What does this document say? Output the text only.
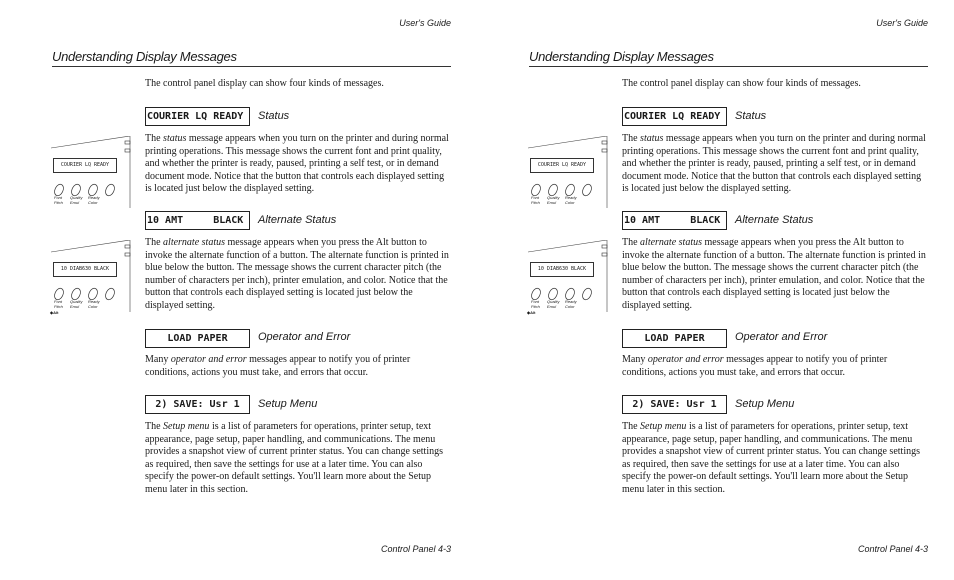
User's Guide
Understanding Display Messages
The control panel display can show four kinds of messages.
COURIER LQ READY	Status
COURIER LQ READY
Font
Pitch
Quality
Emul
Ready
Color
The status message appears when you turn on the printer and during normal printing operations. This message shows the current font and print quality, and whether the printer is ready, paused, printing a self test, or in demand document mode. Notice that the button that controls each displayed setting is located just below the displayed setting.
10 AMT     BLACK	Alternate Status
10 DIAB630 BLACK
Font
Pitch
Quality
Emul
Ready
Color
◆Alt
The alternate status message appears when you press the Alt button to invoke the alternate function of a button. The alternate function is printed in blue below the button. The message shows the current character pitch (the number of characters per inch), printer emulation, and color. Notice that the button that controls each displayed setting is located just below the displayed setting.
LOAD PAPER	Operator and Error
Many operator and error messages appear to notify you of printer conditions, actions you must take, and errors that occur.
2) SAVE: Usr 1	Setup Menu
The Setup menu is a list of parameters for operations, printer setup, text appearance, page setup, paper handling, and communications. The menu provides a snapshot view of current printer status. You can change settings as required, then save the settings for use at a later time. You can also specify the power-on default settings. You'll learn more about the Setup menu later in this section.
Control Panel 4-3
User's Guide
Understanding Display Messages
The control panel display can show four kinds of messages.
COURIER LQ READY	Status
COURIER LQ READY
Font
Pitch
Quality
Emul
Ready
Color
The status message appears when you turn on the printer and during normal printing operations. This message shows the current font and print quality, and whether the printer is ready, paused, printing a self test, or in demand document mode. Notice that the button that controls each displayed setting is located just below the displayed setting.
10 AMT     BLACK	Alternate Status
10 DIAB630 BLACK
Font
Pitch
Quality
Emul
Ready
Color
◆Alt
The alternate status message appears when you press the Alt button to invoke the alternate function of a button. The alternate function is printed in blue below the button. The message shows the current character pitch (the number of characters per inch), printer emulation, and color. Notice that the button that controls each displayed setting is located just below the displayed setting.
LOAD PAPER	Operator and Error
Many operator and error messages appear to notify you of printer conditions, actions you must take, and errors that occur.
2) SAVE: Usr 1	Setup Menu
The Setup menu is a list of parameters for operations, printer setup, text appearance, page setup, paper handling, and communications. The menu provides a snapshot view of current printer status. You can change settings as required, then save the settings for use at a later time. You can also specify the power-on default settings. You'll learn more about the Setup menu later in this section.
Control Panel 4-3
